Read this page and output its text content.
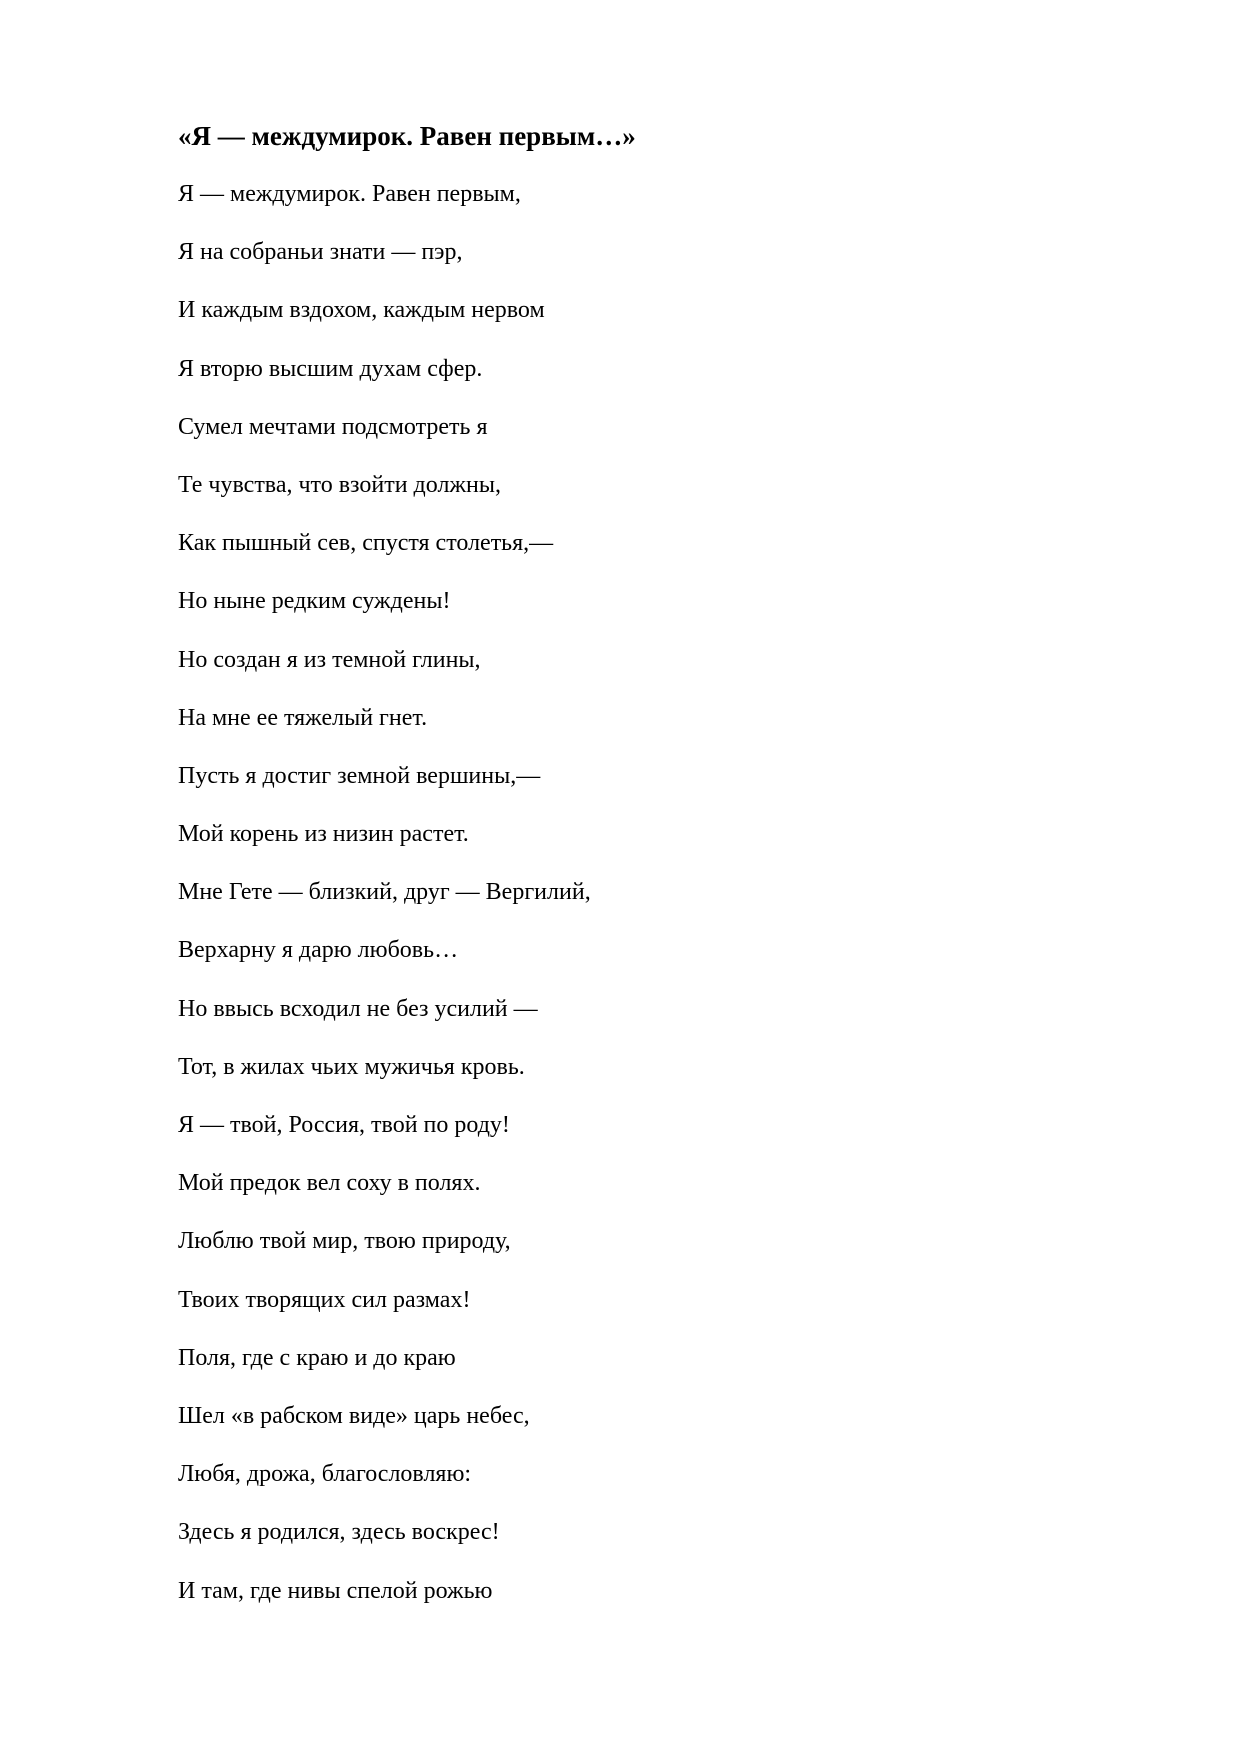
«Я — междумирок. Равен первым…»
Я — междумирок. Равен первым,
Я на собраньи знати — пэр,
И каждым вздохом, каждым нервом
Я вторю высшим духам сфер.
Сумел мечтами подсмотреть я
Те чувства, что взойти должны,
Как пышный сев, спустя столетья,—
Но ныне редким суждены!
Но создан я из темной глины,
На мне ее тяжелый гнет.
Пусть я достиг земной вершины,—
Мой корень из низин растет.
Мне Гете — близкий, друг — Вергилий,
Верхарну я дарю любовь…
Но ввысь всходил не без усилий —
Тот, в жилах чьих мужичья кровь.
Я — твой, Россия, твой по роду!
Мой предок вел соху в полях.
Люблю твой мир, твою природу,
Твоих творящих сил размах!
Поля, где с краю и до краю
Шел «в рабском виде» царь небес,
Любя, дрожа, благословляю:
Здесь я родился, здесь воскрес!
И там, где нивы спелой рожью
